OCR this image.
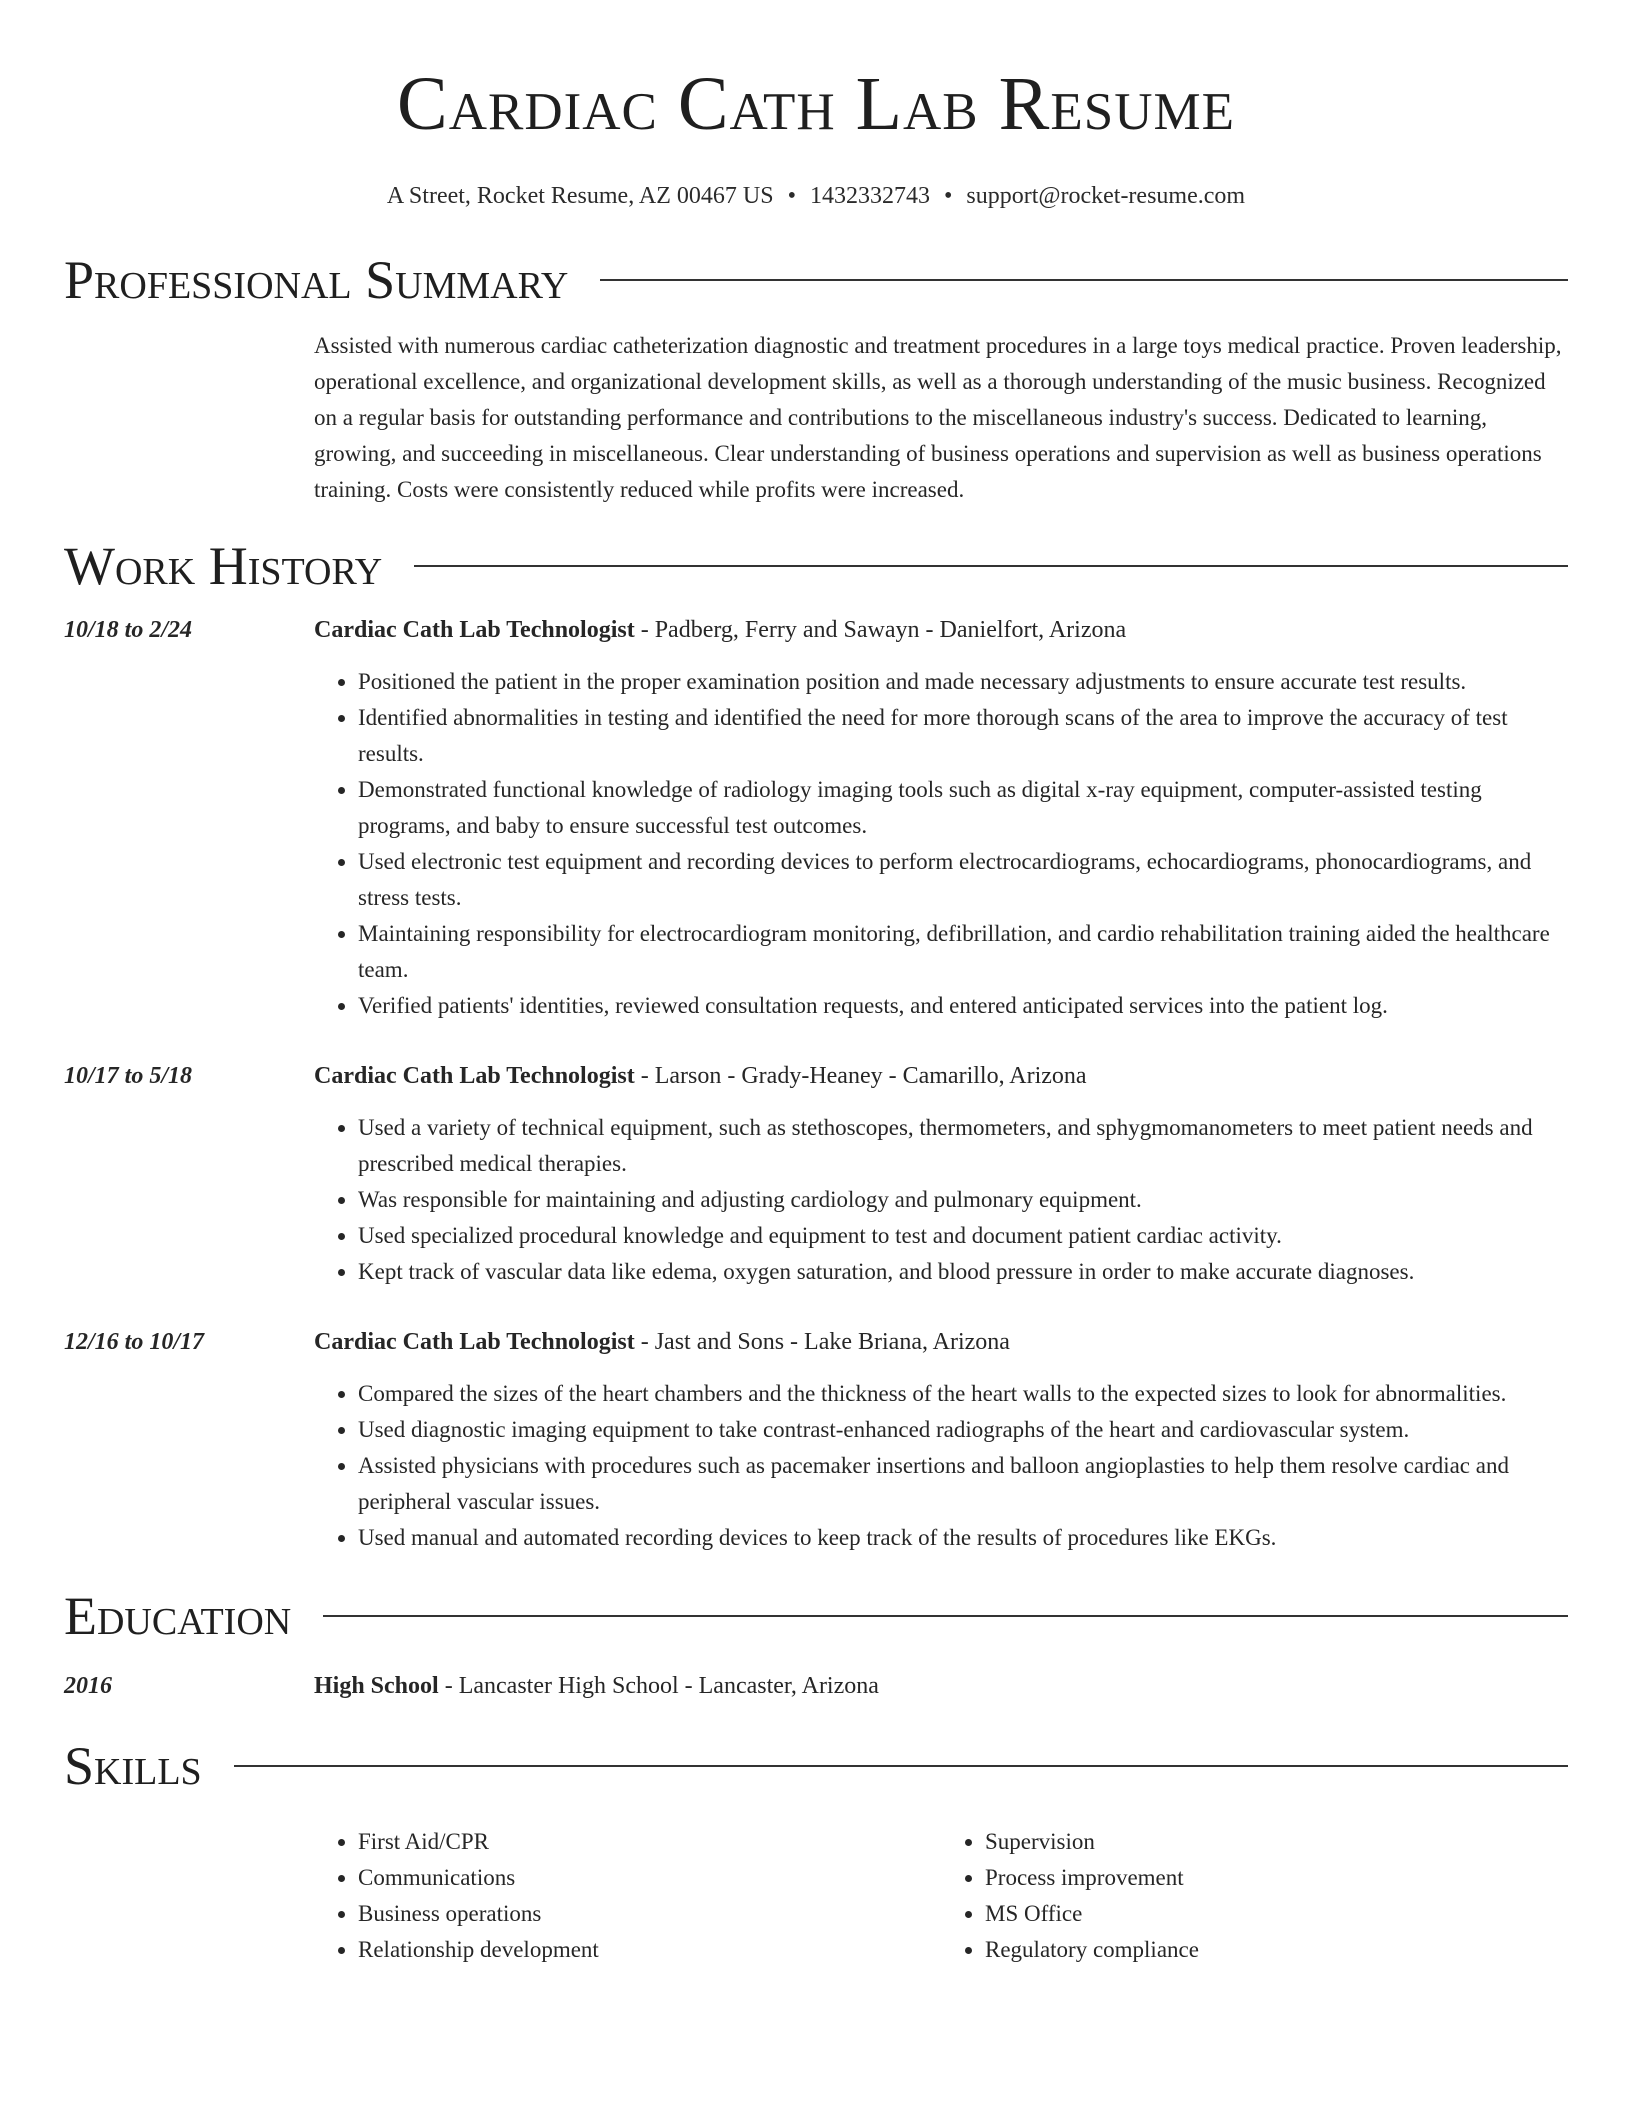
Cardiac Cath Lab Resume
A Street, Rocket Resume, AZ 00467 US • 1432332743 • support@rocket-resume.com
Professional Summary
Assisted with numerous cardiac catheterization diagnostic and treatment procedures in a large toys medical practice. Proven leadership, operational excellence, and organizational development skills, as well as a thorough understanding of the music business. Recognized on a regular basis for outstanding performance and contributions to the miscellaneous industry's success. Dedicated to learning, growing, and succeeding in miscellaneous. Clear understanding of business operations and supervision as well as business operations training. Costs were consistently reduced while profits were increased.
Work History
10/18 to 2/24	Cardiac Cath Lab Technologist - Padberg, Ferry and Sawayn - Danielfort, Arizona
• Positioned the patient in the proper examination position and made necessary adjustments to ensure accurate test results.
• Identified abnormalities in testing and identified the need for more thorough scans of the area to improve the accuracy of test results.
• Demonstrated functional knowledge of radiology imaging tools such as digital x-ray equipment, computer-assisted testing programs, and baby to ensure successful test outcomes.
• Used electronic test equipment and recording devices to perform electrocardiograms, echocardiograms, phonocardiograms, and stress tests.
• Maintaining responsibility for electrocardiogram monitoring, defibrillation, and cardio rehabilitation training aided the healthcare team.
• Verified patients' identities, reviewed consultation requests, and entered anticipated services into the patient log.
10/17 to 5/18	Cardiac Cath Lab Technologist - Larson - Grady-Heaney - Camarillo, Arizona
• Used a variety of technical equipment, such as stethoscopes, thermometers, and sphygmomanometers to meet patient needs and prescribed medical therapies.
• Was responsible for maintaining and adjusting cardiology and pulmonary equipment.
• Used specialized procedural knowledge and equipment to test and document patient cardiac activity.
• Kept track of vascular data like edema, oxygen saturation, and blood pressure in order to make accurate diagnoses.
12/16 to 10/17	Cardiac Cath Lab Technologist - Jast and Sons - Lake Briana, Arizona
• Compared the sizes of the heart chambers and the thickness of the heart walls to the expected sizes to look for abnormalities.
• Used diagnostic imaging equipment to take contrast-enhanced radiographs of the heart and cardiovascular system.
• Assisted physicians with procedures such as pacemaker insertions and balloon angioplasties to help them resolve cardiac and peripheral vascular issues.
• Used manual and automated recording devices to keep track of the results of procedures like EKGs.
Education
2016	High School - Lancaster High School - Lancaster, Arizona
Skills
• First Aid/CPR
• Communications
• Business operations
• Relationship development
• Supervision
• Process improvement
• MS Office
• Regulatory compliance
